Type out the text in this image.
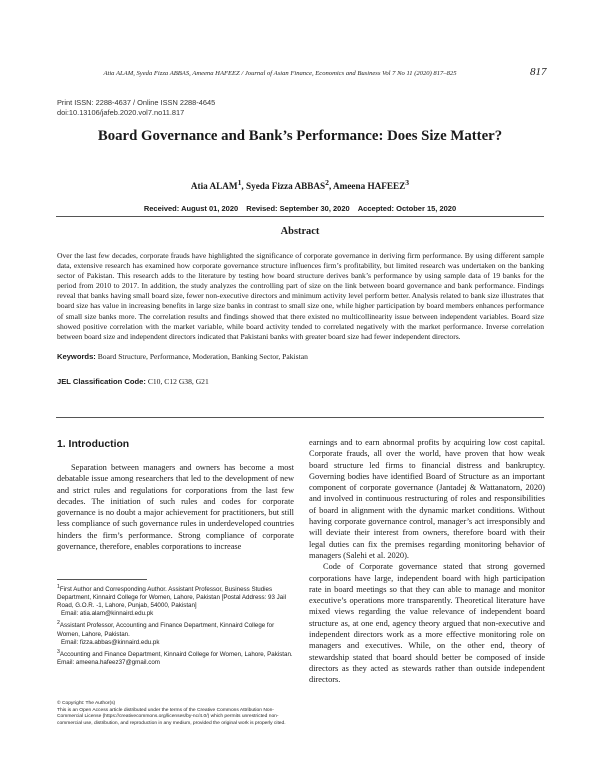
Atia ALAM, Syeda Fizza ABBAS, Ameena HAFEEZ / Journal of Asian Finance, Economics and Business Vol 7 No 11 (2020) 817–825	817
Print ISSN: 2288-4637 / Online ISSN 2288-4645
doi:10.13106/jafeb.2020.vol7.no11.817
Board Governance and Bank’s Performance: Does Size Matter?
Atia ALAM$^1$, Syeda Fizza ABBAS$^2$, Ameena HAFEEZ$^3$
Received: August 01, 2020 Revised: September 30, 2020 Accepted: October 15, 2020
Abstract
Over the last few decades, corporate frauds have highlighted the significance of corporate governance in deriving firm performance. By using different sample data, extensive research has examined how corporate governance structure influences firm’s profitability, but limited research was undertaken on the banking sector of Pakistan. This research adds to the literature by testing how board structure derives bank’s performance by using sample data of 19 banks for the period from 2010 to 2017. In addition, the study analyzes the controlling part of size on the link between board governance and bank performance. Findings reveal that banks having small board size, fewer non-executive directors and minimum activity level perform better. Analysis related to bank size illustrates that board size has value in increasing benefits in large size banks in contrast to small size one, while higher participation by board members enhances performance of small size banks more. The correlation results and findings showed that there existed no multicollinearity issue between independent variables. Board size showed positive correlation with the market variable, while board activity tended to correlated negatively with the market performance. Inverse correlation between board size and independent directors indicated that Pakistani banks with greater board size had fewer independent directors.
Keywords: Board Structure, Performance, Moderation, Banking Sector, Pakistan
JEL Classification Code: C10, C12 G38, G21
1. Introduction

Separation between managers and owners has become a most debatable issue among researchers that led to the development of new and strict rules and regulations for corporations from the last few decades. The initiation of such rules and codes for corporate governance is no doubt a major achievement for practitioners, but still less compliance of such governance rules in underdeveloped countries hinders the firm’s performance. Strong compliance of corporate governance, therefore, enables corporations to increase

$^1$First Author and Corresponding Author. Assistant Professor, Business Studies Department, Kinnaird College for Women, Lahore, Pakistan [Postal Address: 93 Jail Road, G.O.R. -1, Lahore, Punjab, 54000, Pakistan]
Email: atia.alam@kinnaird.edu.pk
$^2$Assistant Professor, Accounting and Finance Department, Kinnaird College for Women, Lahore, Pakistan.
Email: fizza.abbas@kinnaird.edu.pk
$^3$Accounting and Finance Department, Kinnaird College for Women, Lahore, Pakistan. Email: ameena.hafeez37@gmail.com
© Copyright: The Author(s)
This is an Open Access article distributed under the terms of the Creative Commons Attribution Non-Commercial License (https://creativecommons.org/licenses/by-nc/4.0/) which permits unrestricted non-commercial use, distribution, and reproduction in any medium, provided the original work is properly cited.

earnings and to earn abnormal profits by acquiring low cost capital. Corporate frauds, all over the world, have proven that how weak board structure led firms to financial distress and bankruptcy. Governing bodies have identified Board of Structure as an important component of corporate governance (Jantadej & Wattanatorn, 2020) and involved in continuous restructuring of roles and responsibilities of board in alignment with the dynamic market conditions. Without having corporate governance control, manager’s act irresponsibly and will deviate their interest from owners, therefore board with their legal duties can fix the premises regarding monitoring behavior of managers (Salehi et al. 2020).

Code of Corporate governance stated that strong governed corporations have large, independent board with high participation rate in board meetings so that they can able to manage and monitor executive’s operations more transparently. Theoretical literature have mixed views regarding the value relevance of independent board structure as, at one end, agency theory argued that non-executive and independent directors work as a more effective monitoring role on managers and executives. While, on the other end, theory of stewardship stated that board should better be composed of inside directors as they acted as stewards rather than outside independent directors.
